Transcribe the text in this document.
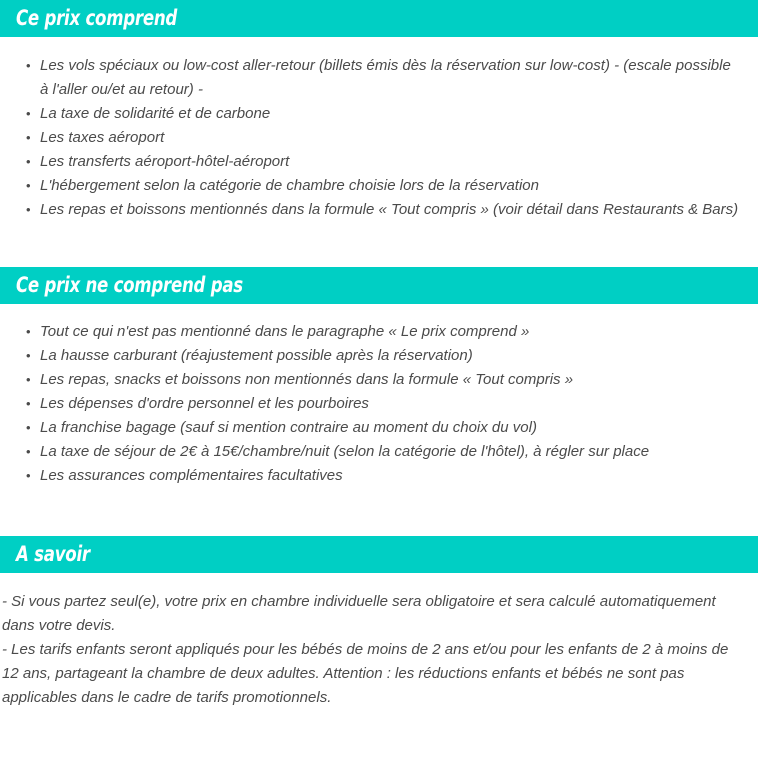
Ce prix comprend
• Les vols spéciaux ou low-cost aller-retour (billets émis dès la réservation sur low-cost) - (escale possible à l'aller ou/et au retour) -
• La taxe de solidarité et de carbone
• Les taxes aéroport
• Les transferts aéroport-hôtel-aéroport
• L'hébergement selon la catégorie de chambre choisie lors de la réservation
• Les repas et boissons mentionnés dans la formule « Tout compris » (voir détail dans Restaurants & Bars)
Ce prix ne comprend pas
• Tout ce qui n'est pas mentionné dans le paragraphe « Le prix comprend »
• La hausse carburant (réajustement possible après la réservation)
• Les repas, snacks et boissons non mentionnés dans la formule « Tout compris »
• Les dépenses d'ordre personnel et les pourboires
• La franchise bagage (sauf si mention contraire au moment du choix du vol)
• La taxe de séjour de 2€ à 15€/chambre/nuit (selon la catégorie de l'hôtel), à régler sur place
• Les assurances complémentaires facultatives
A savoir

- Si vous partez seul(e), votre prix en chambre individuelle sera obligatoire et sera calculé automatiquement dans votre devis.

- Les tarifs enfants seront appliqués pour les bébés de moins de 2 ans et/ou pour les enfants de 2 à moins de 12 ans, partageant la chambre de deux adultes. Attention : les réductions enfants et bébés ne sont pas applicables dans le cadre de tarifs promotionnels.
